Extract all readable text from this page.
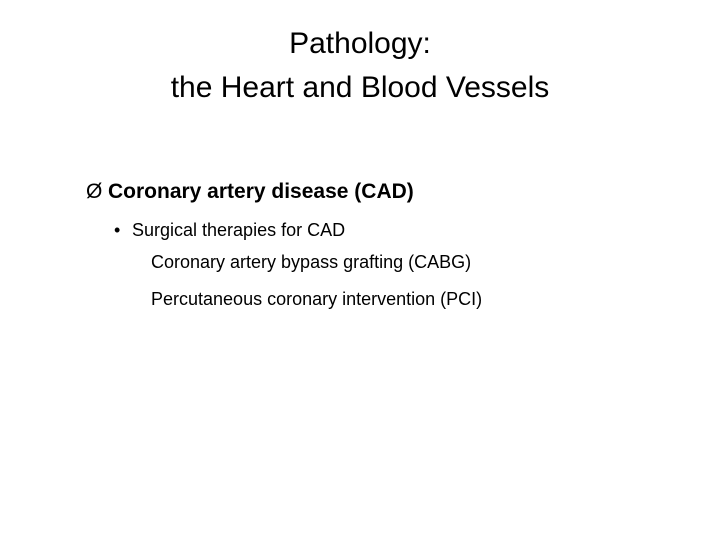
Pathology:
the Heart and Blood Vessels
Ø Coronary artery disease (CAD)
• Surgical therapies for CAD
Coronary artery bypass grafting (CABG)
Percutaneous coronary intervention (PCI)
